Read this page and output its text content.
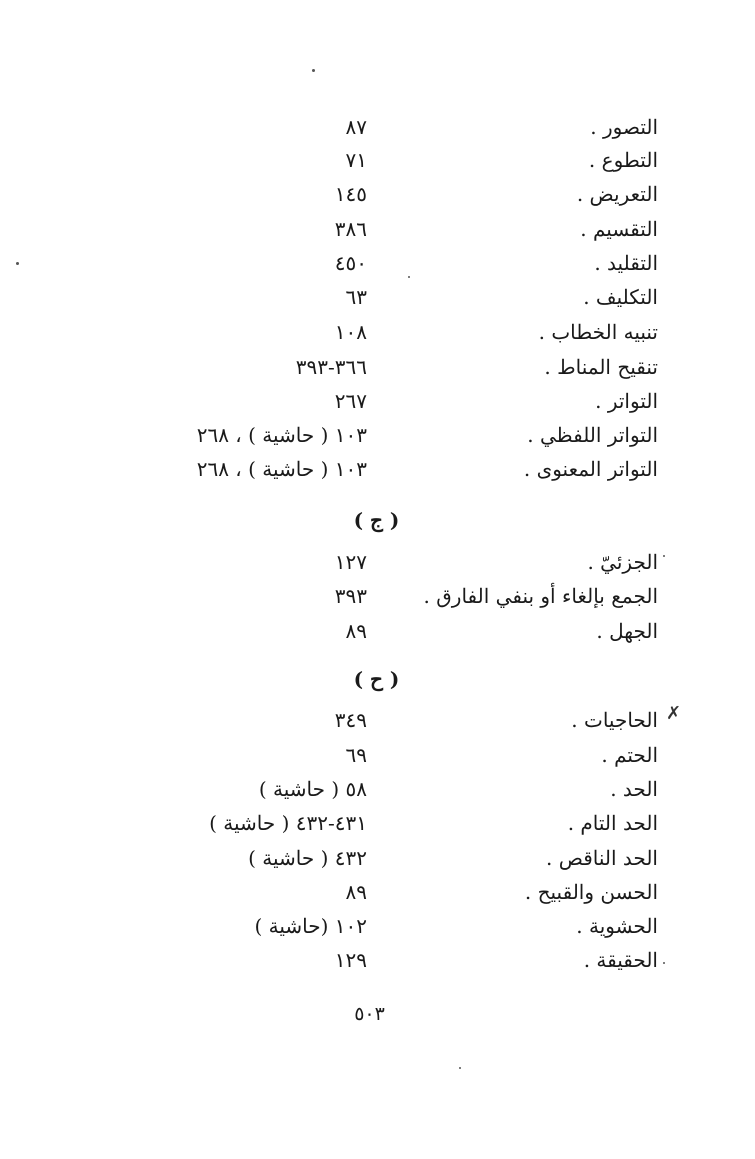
التصور .
٨٧
التطوع .
٧١
التعريض .
١٤٥
التقسيم .
٣٨٦
التقليد .
٤٥٠
التكليف .
٦٣
تنبيه الخطاب .
١٠٨
تنقيح المناط .
٣٦٦-٣٩٣
التواتر .
٢٦٧
التواتر اللفظي .
١٠٣ ( حاشية ) ، ٢٦٨
التواتر المعنوى .
١٠٣ ( حاشية ) ، ٢٦٨
( ج )
الجزئيّ .
١٢٧
الجمع بإلغاء أو بنفي الفارق .
٣٩٣
الجهل .
٨٩
( ح )
الحاجيات .
٣٤٩
الحتم .
٦٩
الحد .
٥٨ ( حاشية )
الحد التام .
٤٣١-٤٣٢ ( حاشية )
الحد الناقص .
٤٣٢ ( حاشية )
الحسن والقبيح .
٨٩
الحشوية .
١٠٢ (حاشية )
الحقيقة .
١٢٩
٥٠٣
✗
